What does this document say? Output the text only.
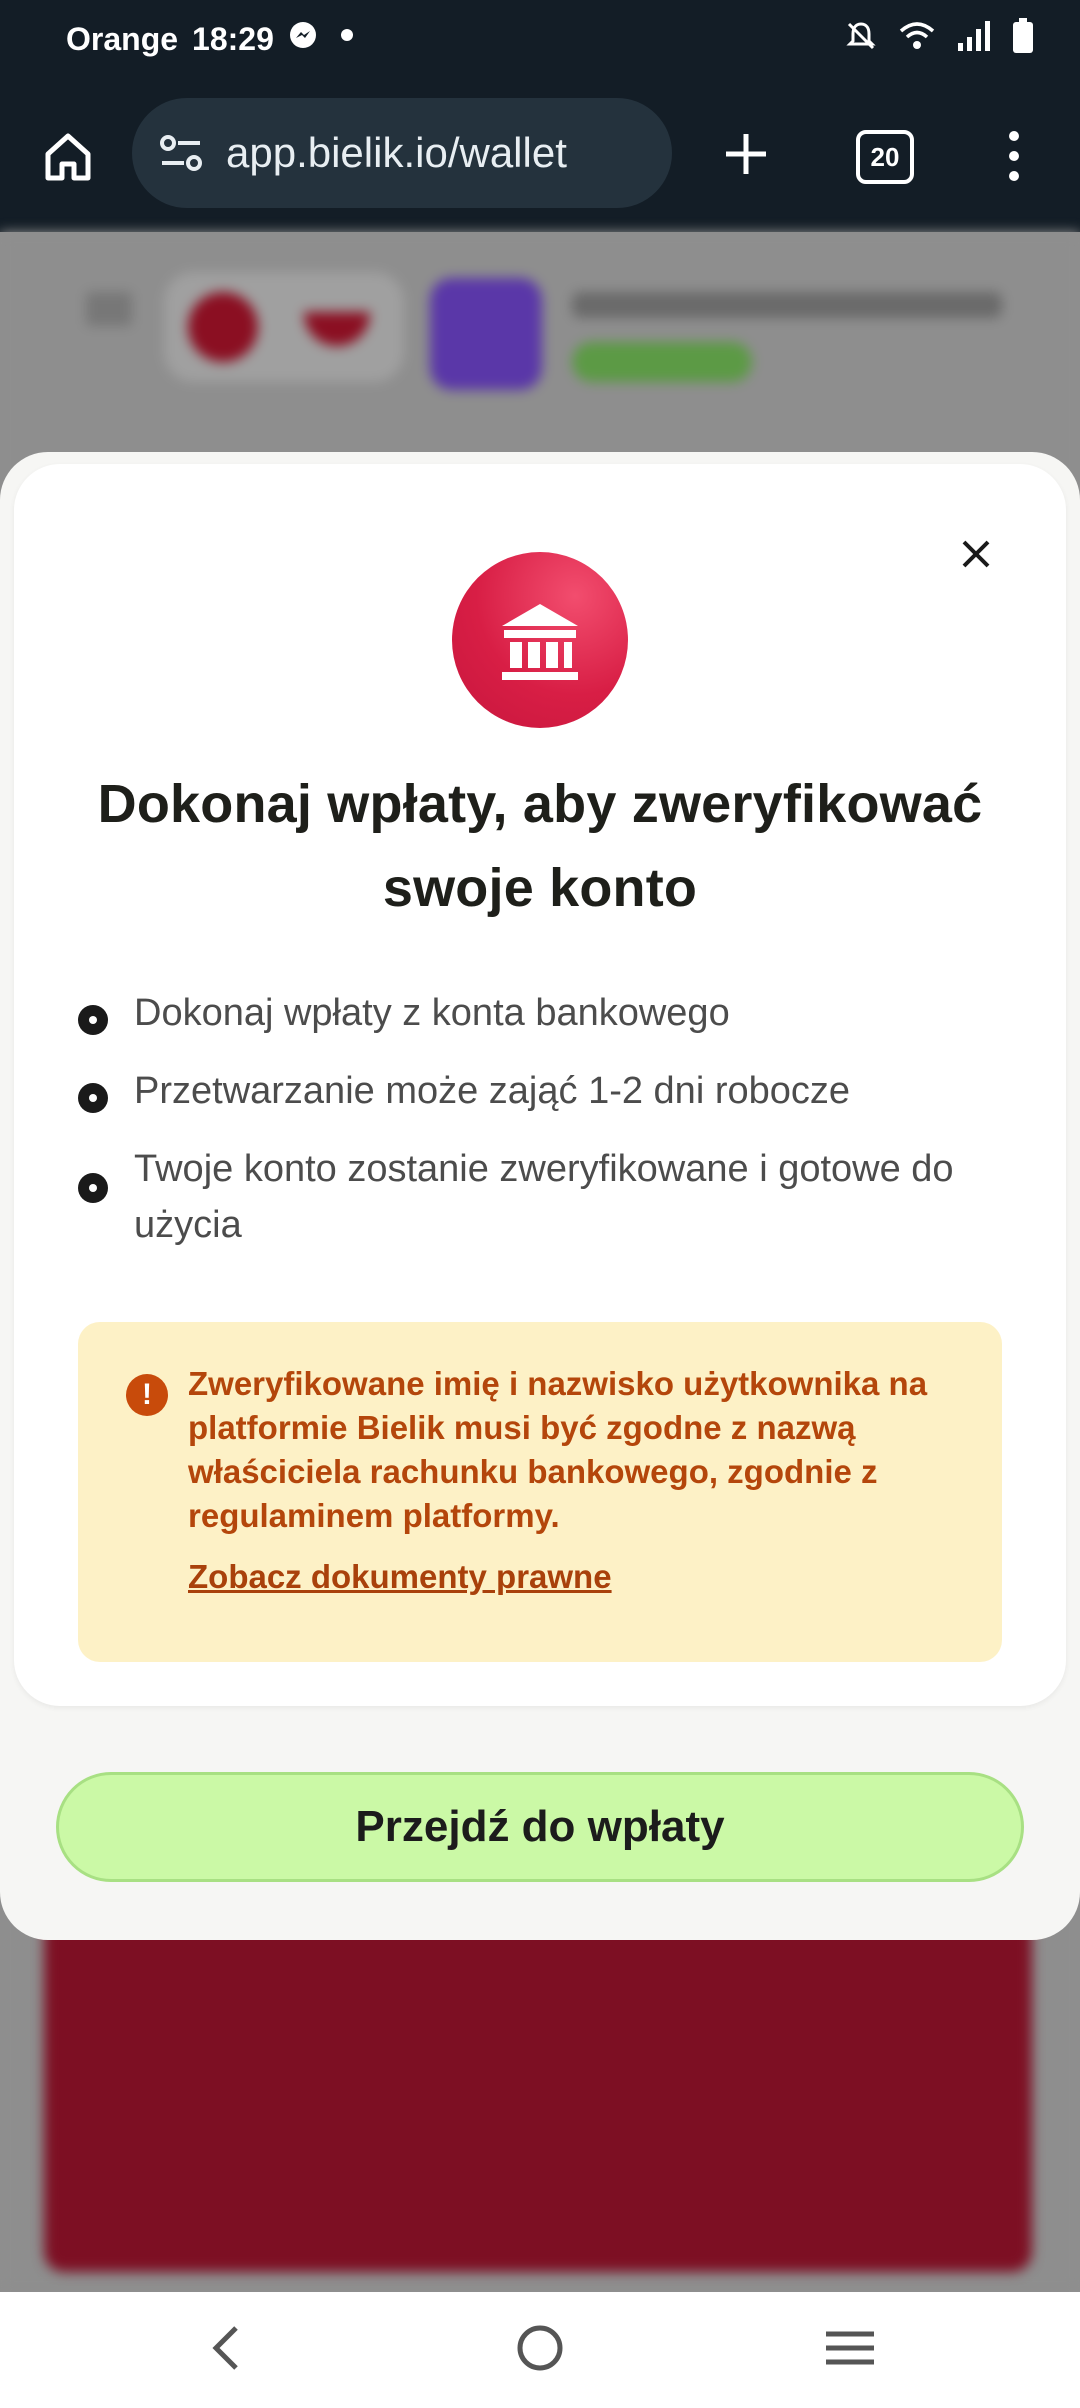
Orange 18:29
app.bielik.io/wallet	20
Dokonaj wpłaty, aby zweryfikować swoje konto
Dokonaj wpłaty z konta bankowego
Przetwarzanie może zająć 1-2 dni robocze
Twoje konto zostanie zweryfikowane i gotowe do użycia
!	Zweryfikowane imię i nazwisko użytkownika na platformie Bielik musi być zgodne z nazwą właściciela rachunku bankowego, zgodnie z regulaminem platformy.
Zobacz dokumenty prawne
Przejdź do wpłaty
